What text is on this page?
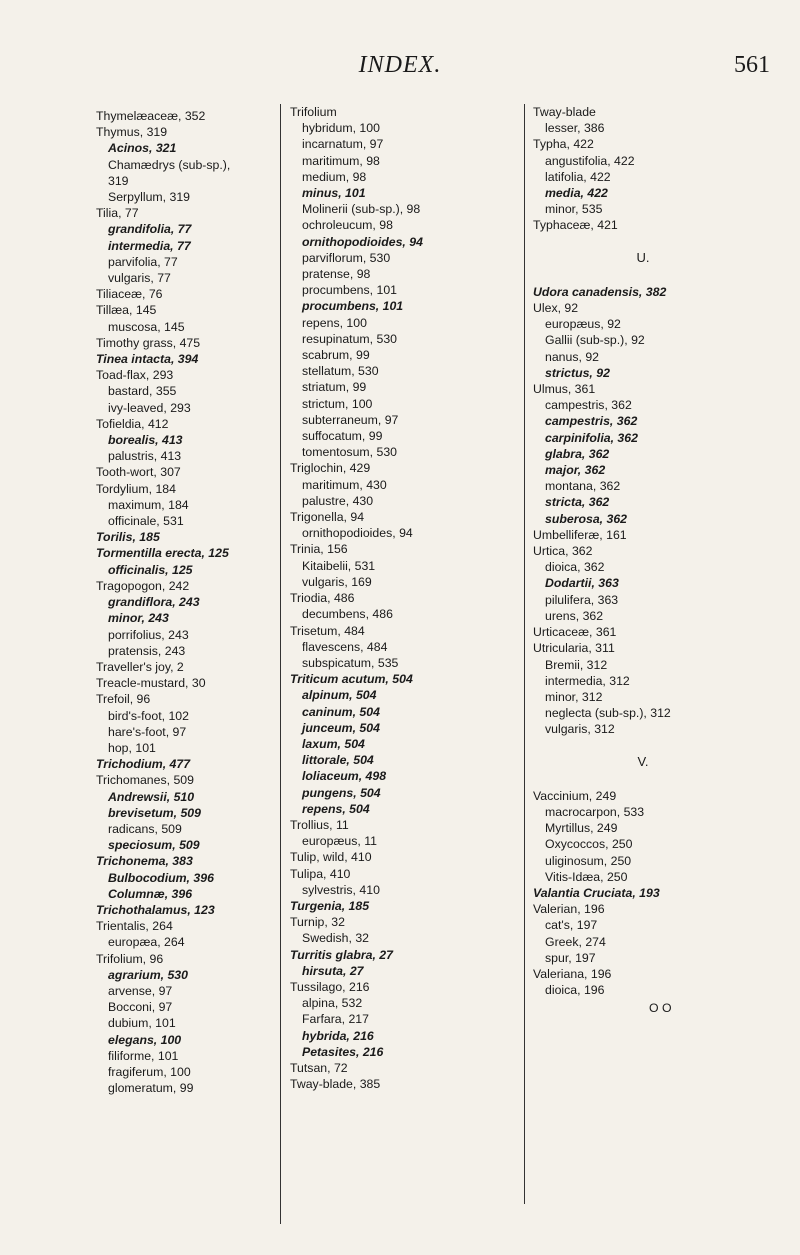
INDEX.	561
Thymelæaceæ, 352
Thymus, 319
Acinos, 321
Chamædrys (sub-sp.),
319
Serpyllum, 319
Tilia, 77
grandifolia, 77
intermedia, 77
parvifolia, 77
vulgaris, 77
Tiliaceæ, 76
Tillæa, 145
muscosa, 145
Timothy grass, 475
Tinea intacta, 394
Toad-flax, 293
bastard, 355
ivy-leaved, 293
Tofieldia, 412
borealis, 413
palustris, 413
Tooth-wort, 307
Tordylium, 184
maximum, 184
officinale, 531
Torilis, 185
Tormentilla erecta, 125
officinalis, 125
Tragopogon, 242
grandiflora, 243
minor, 243
porrifolius, 243
pratensis, 243
Traveller's joy, 2
Treacle-mustard, 30
Trefoil, 96
bird's-foot, 102
hare's-foot, 97
hop, 101
Trichodium, 477
Trichomanes, 509
Andrewsii, 510
brevisetum, 509
radicans, 509
speciosum, 509
Trichonema, 383
Bulbocodium, 396
Columnæ, 396
Trichothalamus, 123
Trientalis, 264
europæa, 264
Trifolium, 96
agrarium, 530
arvense, 97
Bocconi, 97
dubium, 101
elegans, 100
filiforme, 101
fragiferum, 100
glomeratum, 99
Trifolium
hybridum, 100
incarnatum, 97
maritimum, 98
medium, 98
minus, 101
Molinerii (sub-sp.), 98
ochroleucum, 98
ornithopodioides, 94
parviflorum, 530
pratense, 98
procumbens, 101
procumbens, 101
repens, 100
resupinatum, 530
scabrum, 99
stellatum, 530
striatum, 99
strictum, 100
subterraneum, 97
suffocatum, 99
tomentosum, 530
Triglochin, 429
maritimum, 430
palustre, 430
Trigonella, 94
ornithopodioides, 94
Trinia, 156
Kitaibelii, 531
vulgaris, 169
Triodia, 486
decumbens, 486
Trisetum, 484
flavescens, 484
subspicatum, 535
Triticum acutum, 504
alpinum, 504
caninum, 504
junceum, 504
laxum, 504
littorale, 504
loliaceum, 498
pungens, 504
repens, 504
Trollius, 11
europæus, 11
Tulip, wild, 410
Tulipa, 410
sylvestris, 410
Turgenia, 185
Turnip, 32
Swedish, 32
Turritis glabra, 27
hirsuta, 27
Tussilago, 216
alpina, 532
Farfara, 217
hybrida, 216
Petasites, 216
Tutsan, 72
Tway-blade, 385
Tway-blade
lesser, 386
Typha, 422
angustifolia, 422
latifolia, 422
media, 422
minor, 535
Typhaceæ, 421
U.
Udora canadensis, 382
Ulex, 92
europæus, 92
Gallii (sub-sp.), 92
nanus, 92
strictus, 92
Ulmus, 361
campestris, 362
campestris, 362
carpinifolia, 362
glabra, 362
major, 362
montana, 362
stricta, 362
suberosa, 362
Umbelliferæ, 161
Urtica, 362
dioica, 362
Dodartii, 363
pilulifera, 363
urens, 362
Urticaceæ, 361
Utricularia, 311
Bremii, 312
intermedia, 312
minor, 312
neglecta (sub-sp.), 312
vulgaris, 312
V.
Vaccinium, 249
macrocarpon, 533
Myrtillus, 249
Oxycoccos, 250
uliginosum, 250
Vitis-Idæa, 250
Valantia Cruciata, 193
Valerian, 196
cat's, 197
Greek, 274
spur, 197
Valeriana, 196
dioica, 196
O O
